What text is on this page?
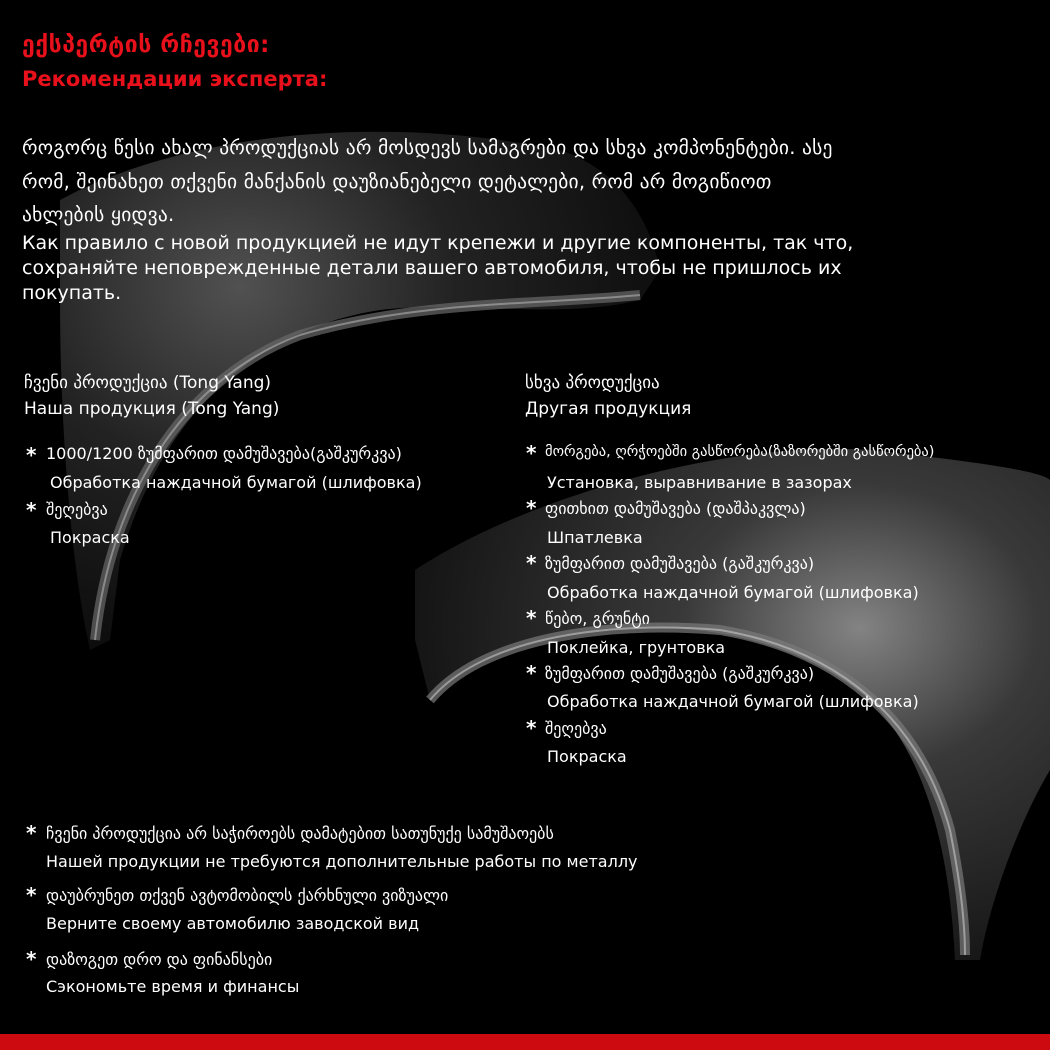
ექსპერტის რჩევები:
Рекомендации эксперта:
როგორც წესი ახალ პროდუქციას არ მოსდევს სამაგრები და სხვა კომპონენტები. ასე
რომ, შეინახეთ თქვენი მანქანის დაუზიანებელი დეტალები, რომ არ მოგიწიოთ
ახლების ყიდვა.
Как правило с новой продукцией не идут крепежи и другие компоненты, так что,
сохраняйте неповрежденные детали вашего автомобиля, чтобы не пришлось их
покупать.
ჩვენი პროდუქცია (Tong Yang)
Наша продукция (Tong Yang)
* 1000/1200 ზუმფარით დამუშავება(გაშკურკვა)
Обработка наждачной бумагой (шлифовка)
* შეღებვა
Покраска
სხვა პროდუქცია
Другая продукция
* მორგება, ღრჭოებში გასწორება(ზაზორებში გასწორება)
Установка, выравнивание в зазорах
* ფითხით დამუშავება (დაშპაკვლა)
Шпатлевка
* ზუმფარით დამუშავება (გაშკურკვა)
Обработка наждачной бумагой (шлифовка)
* წებო, გრუნტი
Поклейка, грунтовка
* ზუმფარით დამუშავება (გაშკურკვა)
Обработка наждачной бумагой (шлифовка)
* შეღებვა
Покраска
* ჩვენი პროდუქცია არ საჭიროებს დამატებით სათუნუქე სამუშაოებს
Нашей продукции не требуются дополнительные работы по металлу
* დაუბრუნეთ თქვენ ავტომობილს ქარხნული ვიზუალი
Верните своему автомобилю заводской вид
* დაზოგეთ დრო და ფინანსები
Сэкономьте время и финансы
